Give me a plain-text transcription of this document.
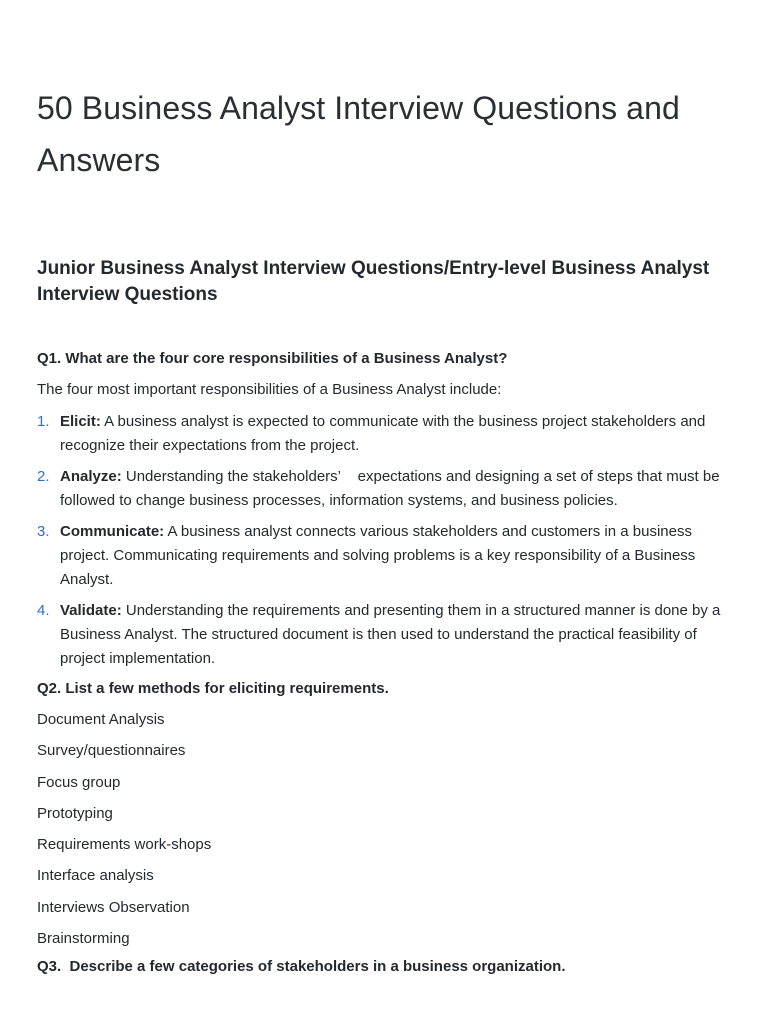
50 Business Analyst Interview Questions and Answers
Junior Business Analyst Interview Questions/Entry-level Business Analyst Interview Questions

Q1. What are the four core responsibilities of a Business Analyst?

The four most important responsibilities of a Business Analyst include:

1. Elicit: A business analyst is expected to communicate with the business project stakeholders and recognize their expectations from the project.
2. Analyze: Understanding the stakeholders’    expectations and designing a set of steps that must be followed to change business processes, information systems, and business policies.
3. Communicate: A business analyst connects various stakeholders and customers in a business project. Communicating requirements and solving problems is a key responsibility of a Business Analyst.
4. Validate: Understanding the requirements and presenting them in a structured manner is done by a Business Analyst. The structured document is then used to understand the practical feasibility of project implementation.

Q2. List a few methods for eliciting requirements.

Document Analysis
Survey/questionnaires
Focus group
Prototyping
Requirements work-shops
Interface analysis
Interviews Observation
Brainstorming

Q3.  Describe a few categories of stakeholders in a business organization.
